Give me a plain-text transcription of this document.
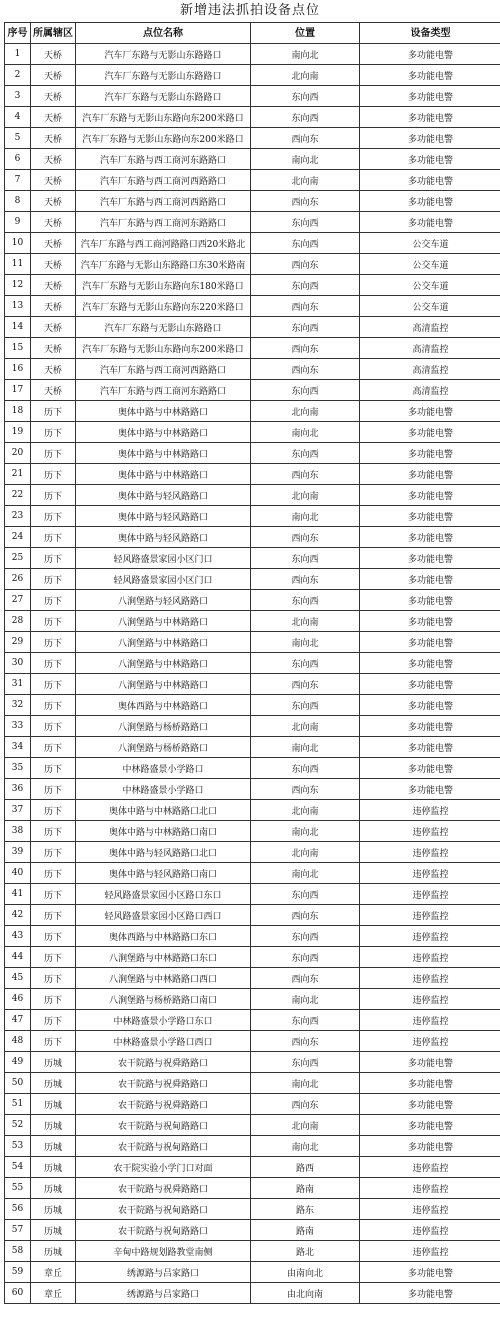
新增违法抓拍设备点位
序号	所属辖区	点位名称	位置	设备类型
1	天桥	汽车厂东路与无影山东路路口	南向北	多功能电警
2	天桥	汽车厂东路与无影山东路路口	北向南	多功能电警
3	天桥	汽车厂东路与无影山东路路口	东向西	多功能电警
4	天桥	汽车厂东路与无影山东路向东200米路口	东向西	多功能电警
5	天桥	汽车厂东路与无影山东路向东200米路口	西向东	多功能电警
6	天桥	汽车厂东路与西工商河东路路口	南向北	多功能电警
7	天桥	汽车厂东路与西工商河西路路口	北向南	多功能电警
8	天桥	汽车厂东路与西工商河西路路口	西向东	多功能电警
9	天桥	汽车厂东路与西工商河东路路口	东向西	多功能电警
10	天桥	汽车厂东路与西工商河路路口西20米路北	东向西	公交车道
11	天桥	汽车厂东路与无影山东路路口东30米路南	西向东	公交车道
12	天桥	汽车厂东路与无影山东路向东180米路口	东向西	公交车道
13	天桥	汽车厂东路与无影山东路向东220米路口	西向东	公交车道
14	天桥	汽车厂东路与无影山东路路口	东向西	高清监控
15	天桥	汽车厂东路与无影山东路向东200米路口	西向东	高清监控
16	天桥	汽车厂东路与西工商河西路路口	西向东	高清监控
17	天桥	汽车厂东路与西工商河东路路口	东向西	高清监控
18	历下	奥体中路与中林路路口	北向南	多功能电警
19	历下	奥体中路与中林路路口	南向北	多功能电警
20	历下	奥体中路与中林路路口	东向西	多功能电警
21	历下	奥体中路与中林路路口	西向东	多功能电警
22	历下	奥体中路与轻风路路口	北向南	多功能电警
23	历下	奥体中路与轻风路路口	南向北	多功能电警
24	历下	奥体中路与轻风路路口	西向东	多功能电警
25	历下	轻风路盛景家园小区门口	东向西	多功能电警
26	历下	轻风路盛景家园小区门口	西向东	多功能电警
27	历下	八涧堡路与轻风路路口	东向西	多功能电警
28	历下	八涧堡路与中林路路口	北向南	多功能电警
29	历下	八涧堡路与中林路路口	南向北	多功能电警
30	历下	八涧堡路与中林路路口	东向西	多功能电警
31	历下	八涧堡路与中林路路口	西向东	多功能电警
32	历下	奥体西路与中林路路口	东向西	多功能电警
33	历下	八涧堡路与杨桥路路口	北向南	多功能电警
34	历下	八涧堡路与杨桥路路口	南向北	多功能电警
35	历下	中林路盛景小学路口	东向西	多功能电警
36	历下	中林路盛景小学路口	西向东	多功能电警
37	历下	奥体中路与中林路路口北口	北向南	违停监控
38	历下	奥体中路与中林路路口南口	南向北	违停监控
39	历下	奥体中路与轻风路路口北口	北向南	违停监控
40	历下	奥体中路与轻风路路口南口	南向北	违停监控
41	历下	轻风路盛景家园小区路口东口	东向西	违停监控
42	历下	轻风路盛景家园小区路口西口	西向东	违停监控
43	历下	奥体西路与中林路路口东口	东向西	违停监控
44	历下	八涧堡路与中林路路口东口	东向西	违停监控
45	历下	八涧堡路与中林路路口西口	西向东	违停监控
46	历下	八涧堡路与杨桥路路口南口	南向北	违停监控
47	历下	中林路盛景小学路口东口	东向西	违停监控
48	历下	中林路盛景小学路口西口	西向东	违停监控
49	历城	农干院路与祝舜路路口	东向西	多功能电警
50	历城	农干院路与祝舜路路口	南向北	多功能电警
51	历城	农干院路与祝舜路路口	西向东	多功能电警
52	历城	农干院路与祝甸路路口	北向南	多功能电警
53	历城	农干院路与祝甸路路口	南向北	多功能电警
54	历城	农干院实验小学门口对面	路西	违停监控
55	历城	农干院路与祝舜路路口	路南	违停监控
56	历城	农干院路与祝甸路路口	路东	违停监控
57	历城	农干院路与祝甸路路口	路南	违停监控
58	历城	辛甸中路规划路教堂南侧	路北	违停监控
59	章丘	绣源路与吕家路口	由南向北	多功能电警
60	章丘	绣源路与吕家路口	由北向南	多功能电警
